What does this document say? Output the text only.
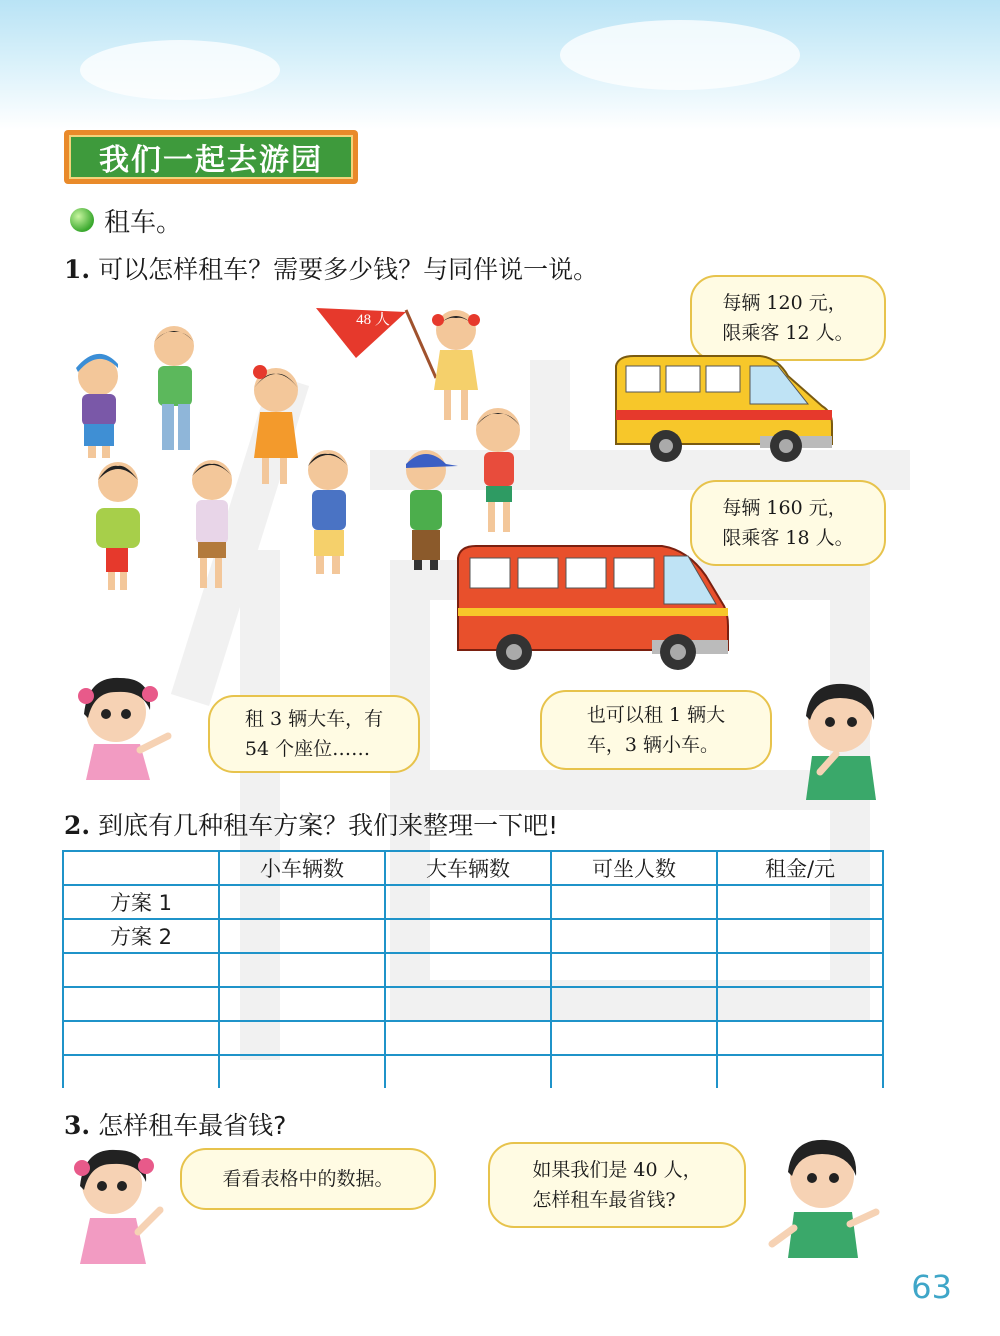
我们一起去游园
租车。
1. 可以怎样租车？需要多少钱？与同伴说一说。
48 人
每辆 120 元，
限乘客 12 人。
每辆 160 元，
限乘客 18 人。
租 3 辆大车，有
54 个座位……
也可以租 1 辆大
车，3 辆小车。
2. 到底有几种租车方案？我们来整理一下吧!
	小车辆数	大车辆数	可坐人数	租金/元
方案 1				
方案 2				

3. 怎样租车最省钱?
看看表格中的数据。	如果我们是 40 人，
怎样租车最省钱?
63
